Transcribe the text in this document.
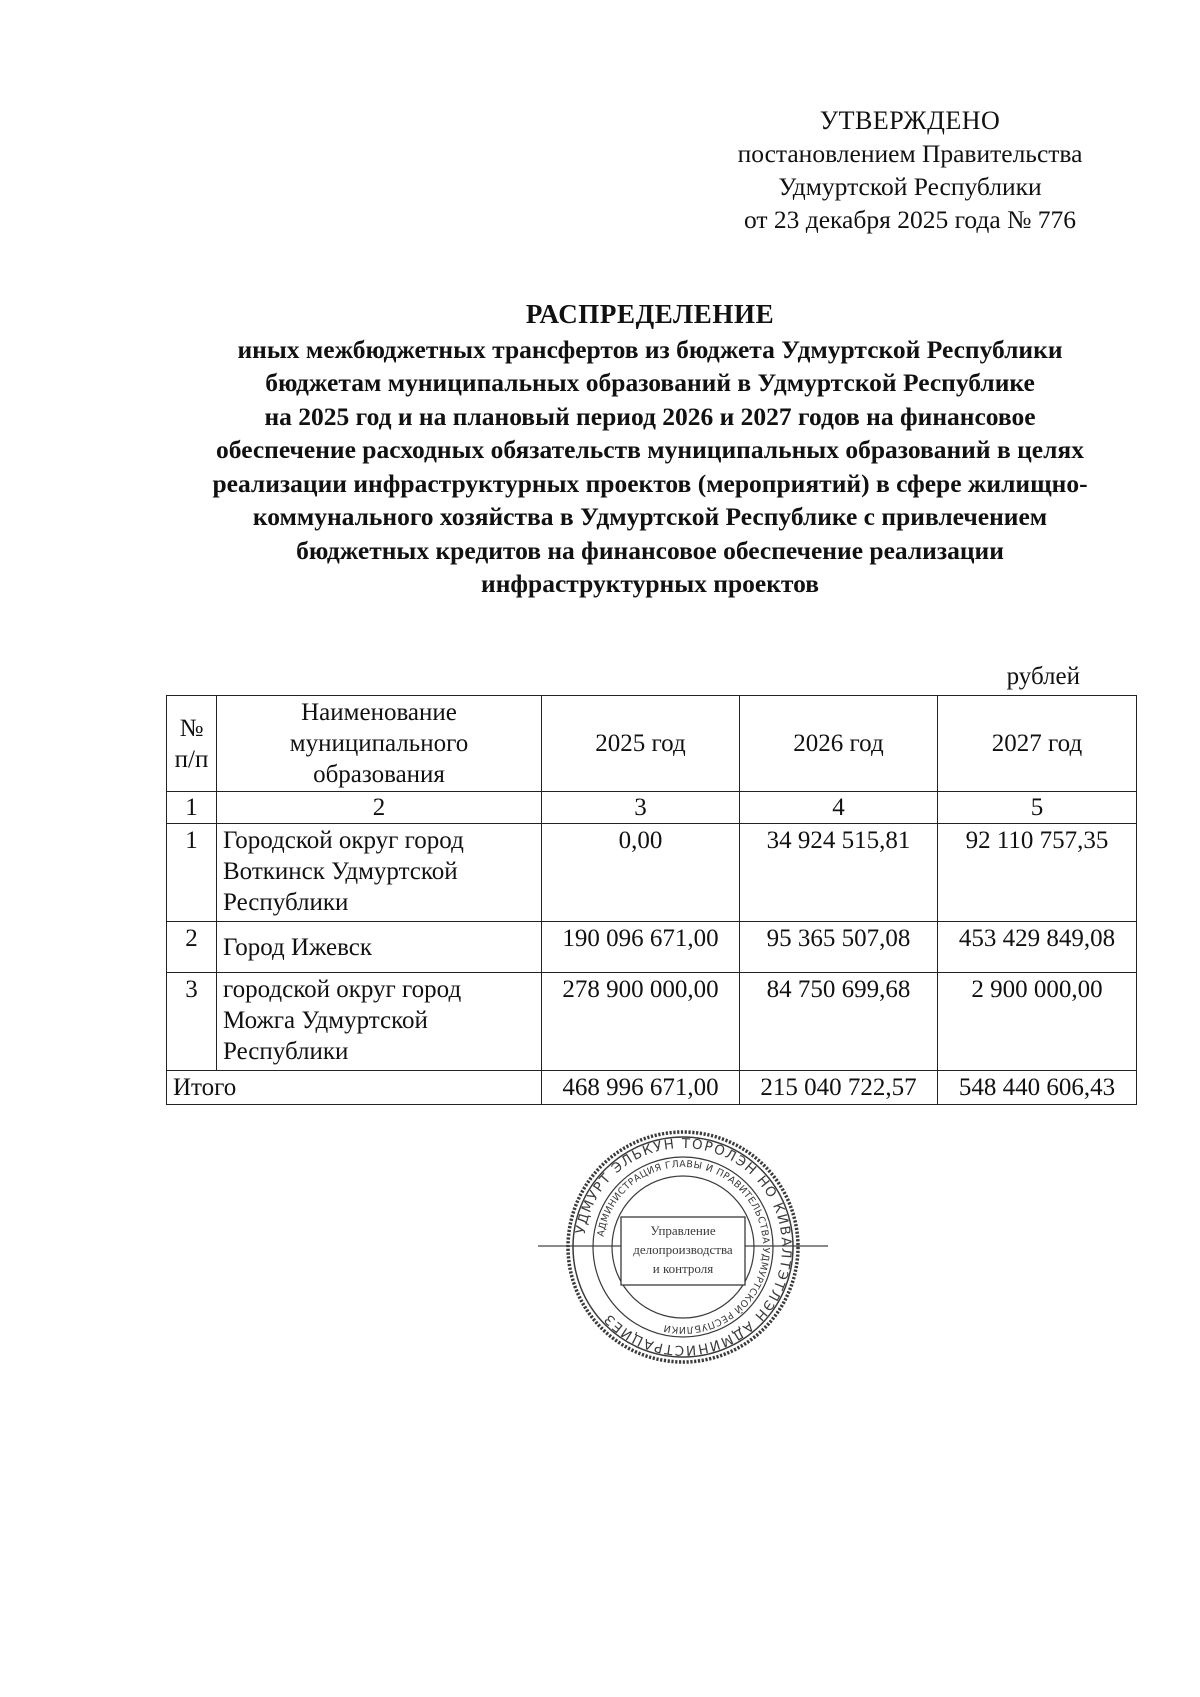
УТВЕРЖДЕНО
постановлением Правительства
Удмуртской Республики
от 23 декабря 2025 года № 776
РАСПРЕДЕЛЕНИЕ
иных межбюджетных трансфертов из бюджета Удмуртской Республики
бюджетам муниципальных образований в Удмуртской Республике
на 2025 год и на плановый период 2026 и 2027 годов на финансовое
обеспечение расходных обязательств муниципальных образований в целях
реализации инфраструктурных проектов (мероприятий) в сфере жилищно-
коммунального хозяйства в Удмуртской Республике с привлечением
бюджетных кредитов на финансовое обеспечение реализации
инфраструктурных проектов
рублей
№ п/п	Наименование муниципального образования	2025 год	2026 год	2027 год
1	2	3	4	5
1	Городской округ город Воткинск Удмуртской Республики	0,00	34 924 515,81	92 110 757,35
2	Город Ижевск	190 096 671,00	95 365 507,08	453 429 849,08
3	городской округ город Можга Удмуртской Республики	278 900 000,00	84 750 699,68	2 900 000,00
Итого		468 996 671,00	215 040 722,57	548 440 606,43
УДМУРТ ЭЛЬКУН ТОРОЛЭН НО КИВАЛТЭТЛЭН АДМИНИСТРАЦИЕЗ
АДМИНИСТРАЦИЯ ГЛАВЫ И ПРАВИТЕЛЬСТВА УДМУРТСКОЙ РЕСПУБЛИКИ
Управление
делопроизводства
и контроля
